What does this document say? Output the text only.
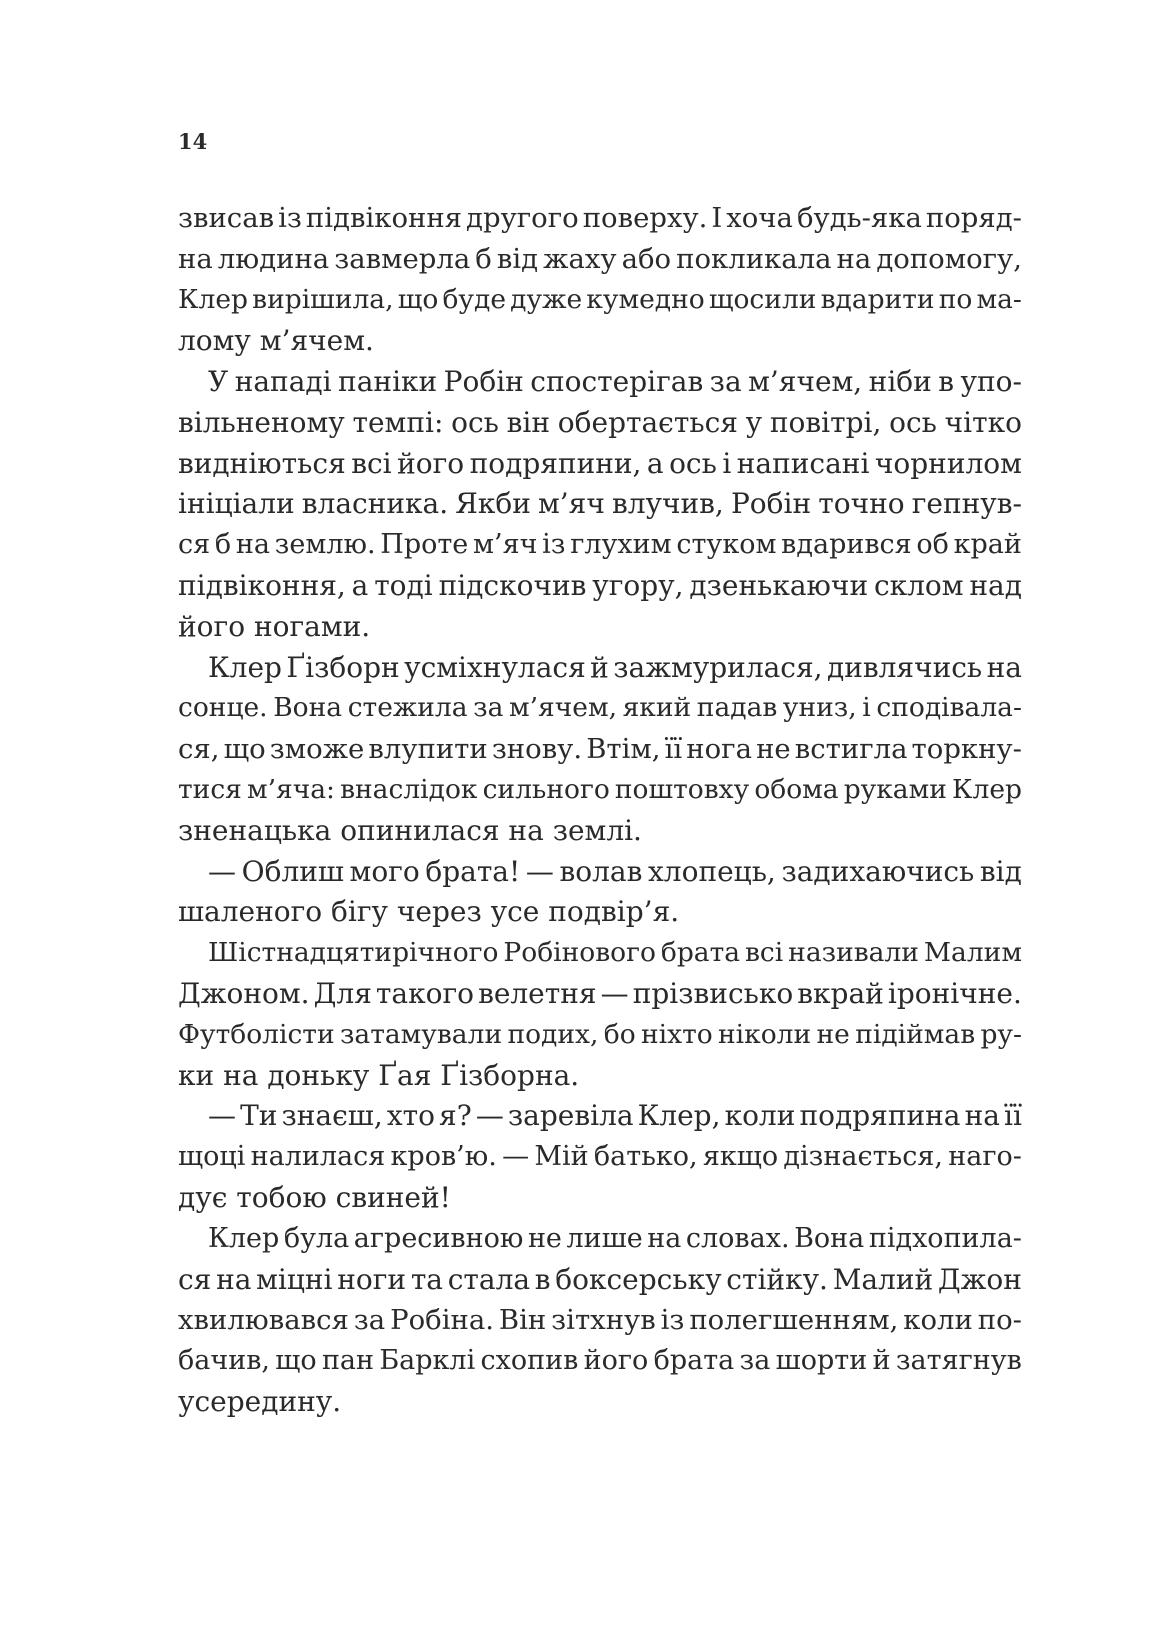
14
звисав із підвіконня другого поверху. І хоча будь-яка поряд-
на людина завмерла б від жаху або покликала на допомогу,
Клер вирішила, що буде дуже кумедно щосили вдарити по ма-
лому м’ячем.
У нападі паніки Робін спостерігав за м’ячем, ніби в упо-
вільненому темпі: ось він обертається у повітрі, ось чітко
видніються всі його подряпини, а ось і написані чорнилом
ініціали власника. Якби м’яч влучив, Робін точно гепнув-
ся б на землю. Проте м’яч із глухим стуком вдарився об край
підвіконня, а тоді підскочив угору, дзенькаючи склом над
його ногами.
Клер Ґізборн усміхнулася й зажмурилася, дивлячись на
сонце. Вона стежила за м’ячем, який падав униз, і сподівала-
ся, що зможе влупити знову. Втім, її нога не встигла торкну-
тися м’яча: внаслідок сильного поштовху обома руками Клер
зненацька опинилася на землі.
— Облиш мого брата! — волав хлопець, задихаючись від
шаленого бігу через усе подвір’я.
Шістнадцятирічного Робінового брата всі називали Малим
Джоном. Для такого велетня — прізвисько вкрай іронічне.
Футболісти затамували подих, бо ніхто ніколи не підіймав ру-
ки на доньку Ґая Ґізборна.
— Ти знаєш, хто я? — заревіла Клер, коли подряпина на її
щоці налилася кров’ю. — Мій батько, якщо дізнається, наго-
дує тобою свиней!
Клер була агресивною не лише на словах. Вона підхопила-
ся на міцні ноги та стала в боксерську стійку. Малий Джон
хвилювався за Робіна. Він зітхнув із полегшенням, коли по-
бачив, що пан Барклі схопив його брата за шорти й затягнув
усередину.
